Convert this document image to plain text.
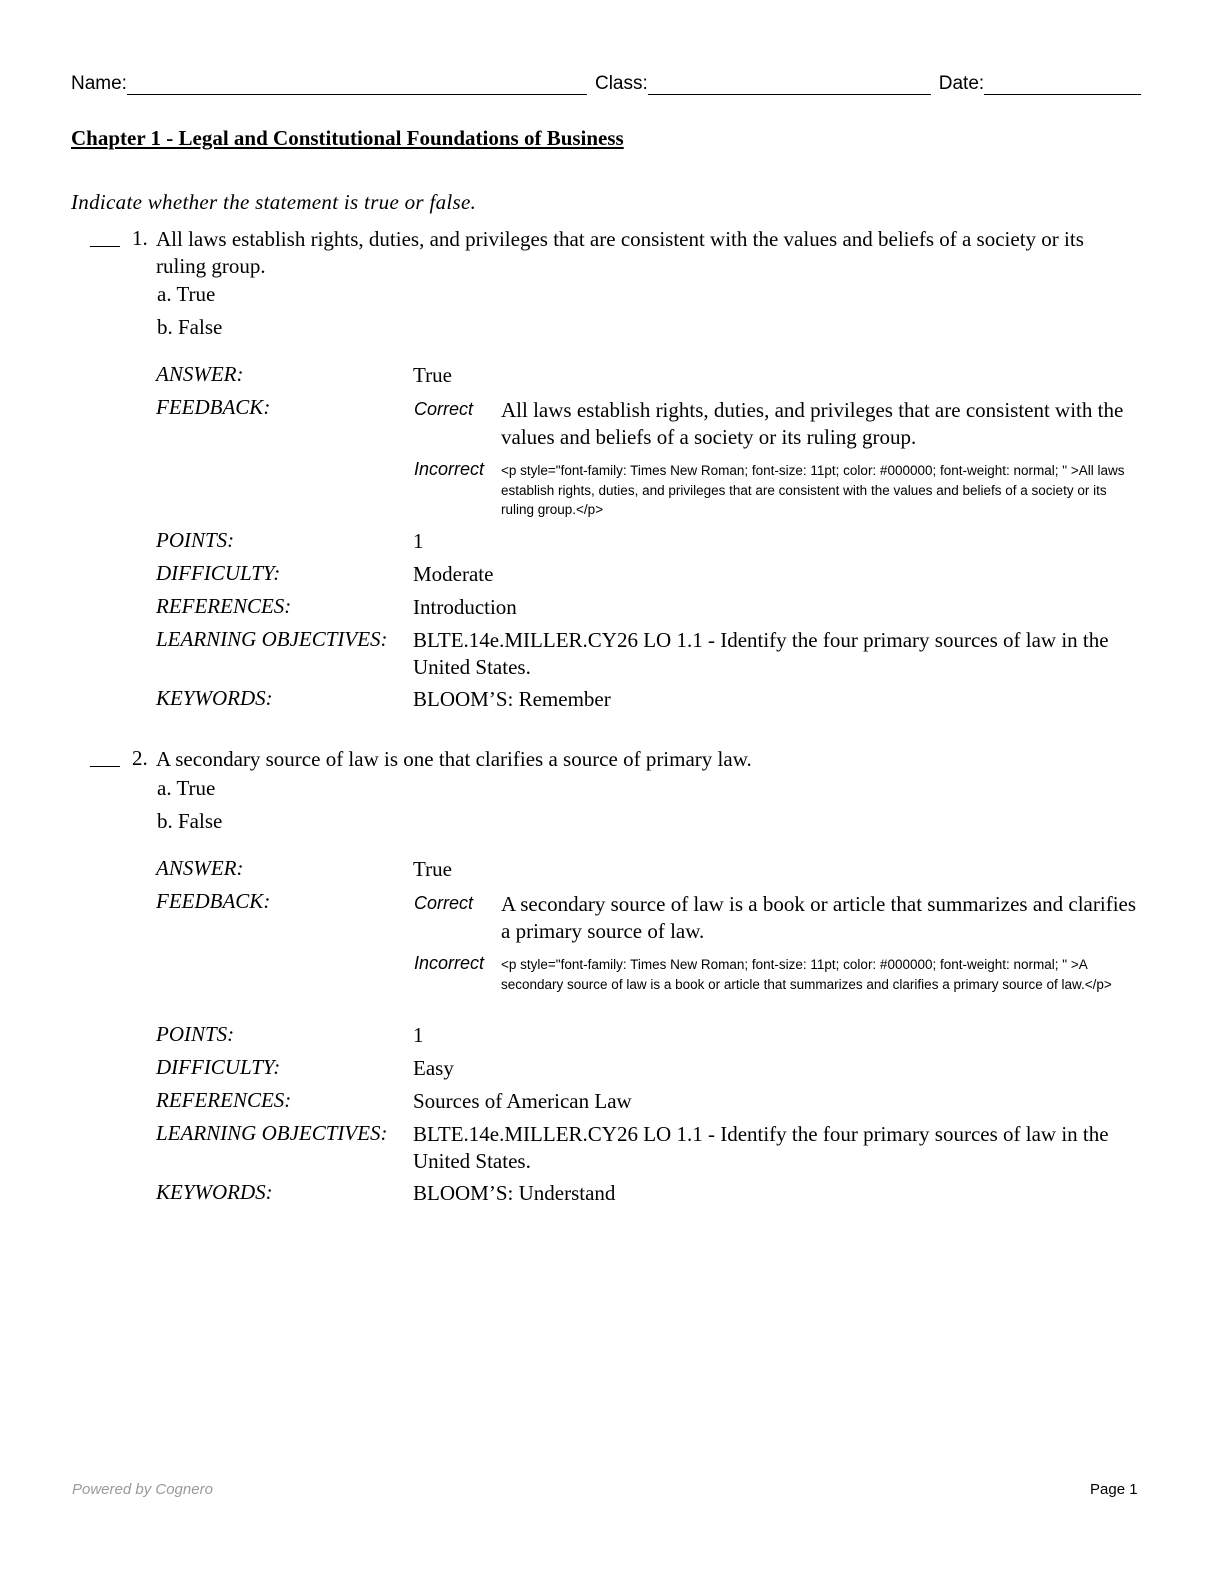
Name:	Class:	Date:
Chapter 1 - Legal and Constitutional Foundations of Business
Indicate whether the statement is true or false.
1. All laws establish rights, duties, and privileges that are consistent with the values and beliefs of a society or its ruling group.
a. True
b. False
ANSWER:	True
FEEDBACK:	Correct All laws establish rights, duties, and privileges that are consistent with the values and beliefs of a society or its ruling group.
Incorrect <p style="font-family: Times New Roman; font-size: 11pt; color: #000000; font-weight: normal; " >All laws establish rights, duties, and privileges that are consistent with the values and beliefs of a society or its ruling group.</p>
POINTS:	1
DIFFICULTY:	Moderate
REFERENCES:	Introduction
LEARNING OBJECTIVES: BLTE.14e.MILLER.CY26 LO 1.1 - Identify the four primary sources of law in the United States.
KEYWORDS:	BLOOM’S: Remember
2. A secondary source of law is one that clarifies a source of primary law.
a. True
b. False
ANSWER:	True
FEEDBACK:	Correct A secondary source of law is a book or article that summarizes and clarifies a primary source of law.
Incorrect <p style="font-family: Times New Roman; font-size: 11pt; color: #000000; font-weight: normal; " >A secondary source of law is a book or article that summarizes and clarifies a primary source of law.</p>
POINTS:	1
DIFFICULTY:	Easy
REFERENCES:	Sources of American Law
LEARNING OBJECTIVES: BLTE.14e.MILLER.CY26 LO 1.1 - Identify the four primary sources of law in the United States.
KEYWORDS:	BLOOM’S: Understand
Powered by Cognero	Page 1
